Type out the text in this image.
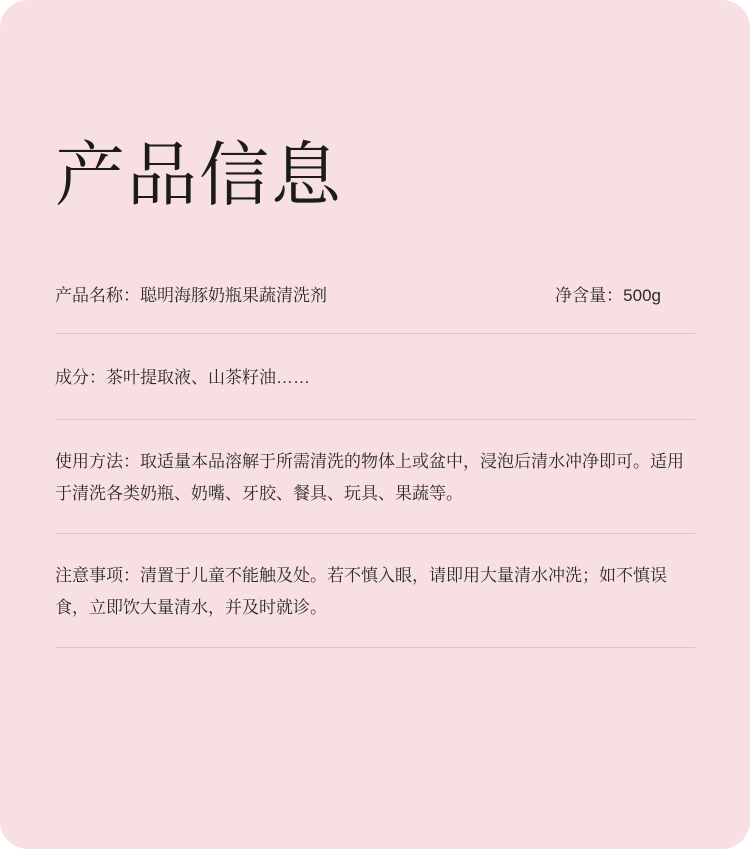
产品信息
产品名称：聪明海豚奶瓶果蔬清洗剂	净含量：500g
成分：茶叶提取液、山茶籽油……
使用方法：取适量本品溶解于所需清洗的物体上或盆中，浸泡后清水冲净即可。适用于清洗各类奶瓶、奶嘴、牙胶、餐具、玩具、果蔬等。
注意事项：清置于儿童不能触及处。若不慎入眼，请即用大量清水冲洗；如不慎误食，立即饮大量清水，并及时就诊。
